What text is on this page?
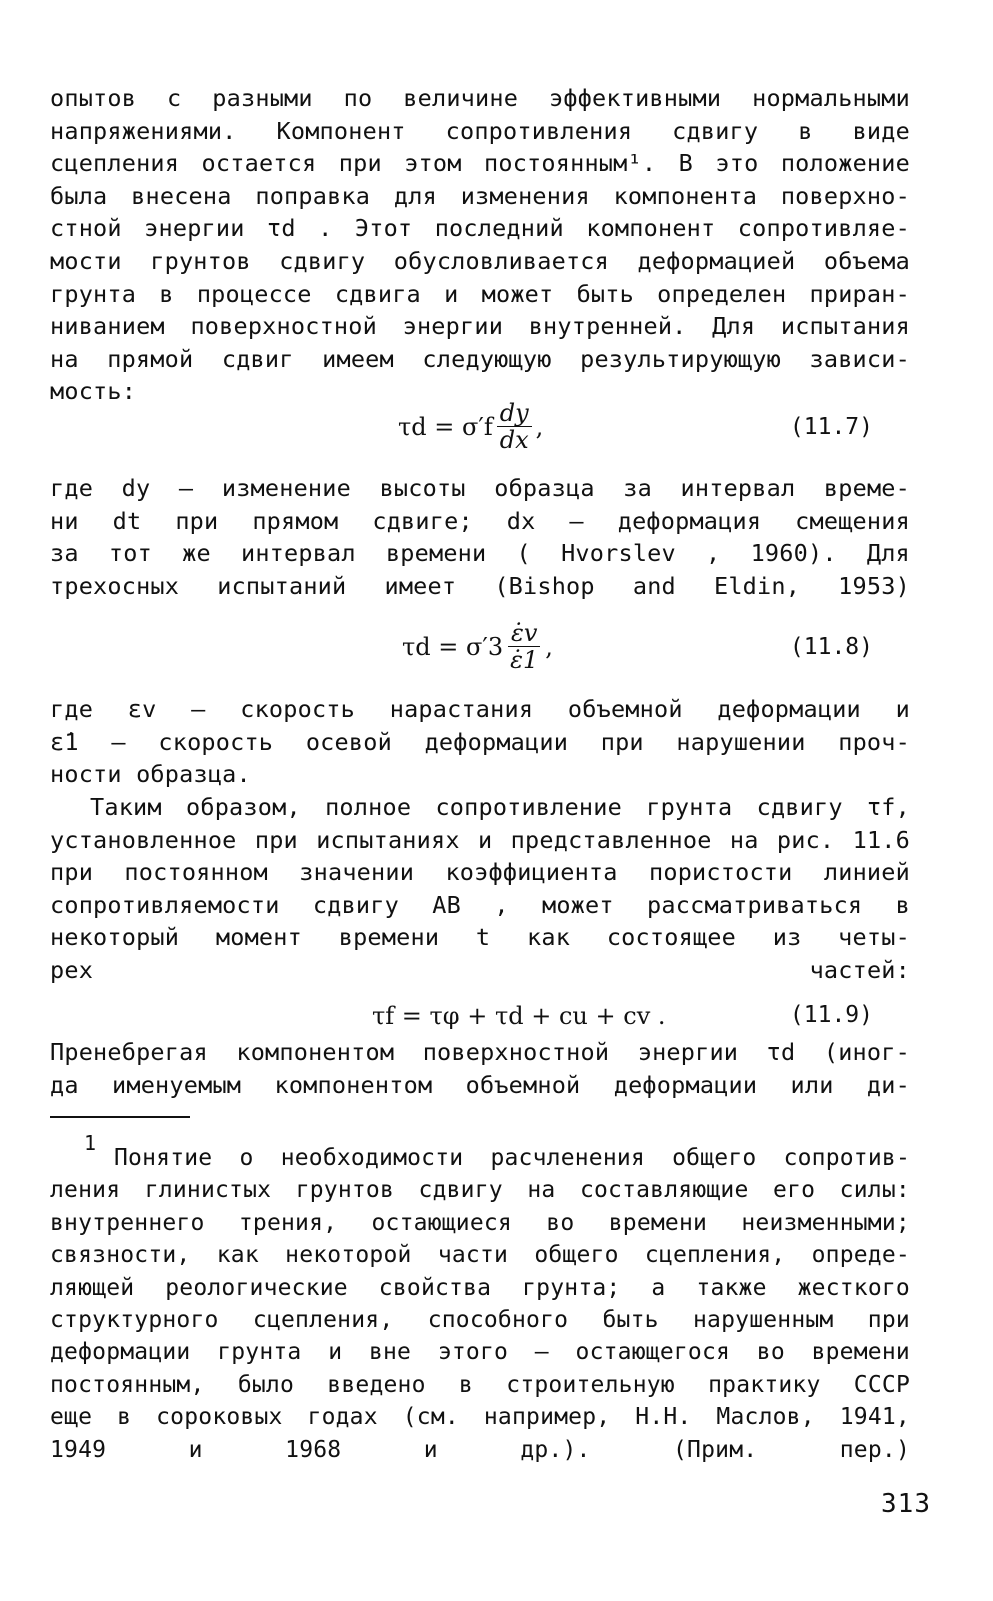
опытов с разными по величине эффективными нормальными
напряжениями. Компонент сопротивления сдвигу в виде
сцепления остается при этом постоянным¹. В это положение
была внесена поправка для изменения компонента поверхно-
стной энергии τd . Этот последний компонент сопротивляе-
мости грунтов сдвигу обусловливается деформацией объема
грунта в процессе сдвига и может быть определен приран-
ниванием поверхностной энергии внутренней. Для испытания
на прямой сдвиг имеем следующую результирующую зависи-
мость:
$\tau d = \sigma'f \frac{dy}{dx}$ ,	(11.7)
где dy – изменение высоты образца за интервал време-
ни dt при прямом сдвиге; dx – деформация смещения
за тот же интервал времени ( Hvorslev , 1960). Для
трехосных испытаний имеет (Bishop and Eldin, 1953)
$\tau d = \sigma'3 \frac{\varepsiloṅv}{\varepsiloṅ1}$ ,	(11.8)
где εv – скорость нарастания объемной деформации и
ε̇1 – скорость осевой деформации при нарушении проч-
ности образца.
Таким образом, полное сопротивление грунта сдвигу τf,
установленное при испытаниях и представленное на рис. 11.6
при постоянном значении коэффициента пористости линией
сопротивляемости сдвигу AB , может рассматриваться в
некоторый момент времени t как состоящее из четы-
рех	частей:
τf = τφ + τd + cu + cv .	(11.9)
Пренебрегая компонентом поверхностной энергии τd (иног-
да именуемым компонентом объемной деформации или ди-
1
Понятие о необходимости расчленения общего сопротив-
ления глинистых грунтов сдвигу на составляющие его силы:
внутреннего трения, остающиеся во времени неизменными;
связности, как некоторой части общего сцепления, опреде-
ляющей реологические свойства грунта; а также жесткого
структурного сцепления, способного быть нарушенным при
деформации грунта и вне этого – остающегося во времени
постоянным, было введено в строительную практику СССР
еще в сороковых годах (см. например, Н.Н. Маслов, 1941,
1949 и 1968 и др.). (Прим. пер.)
313
